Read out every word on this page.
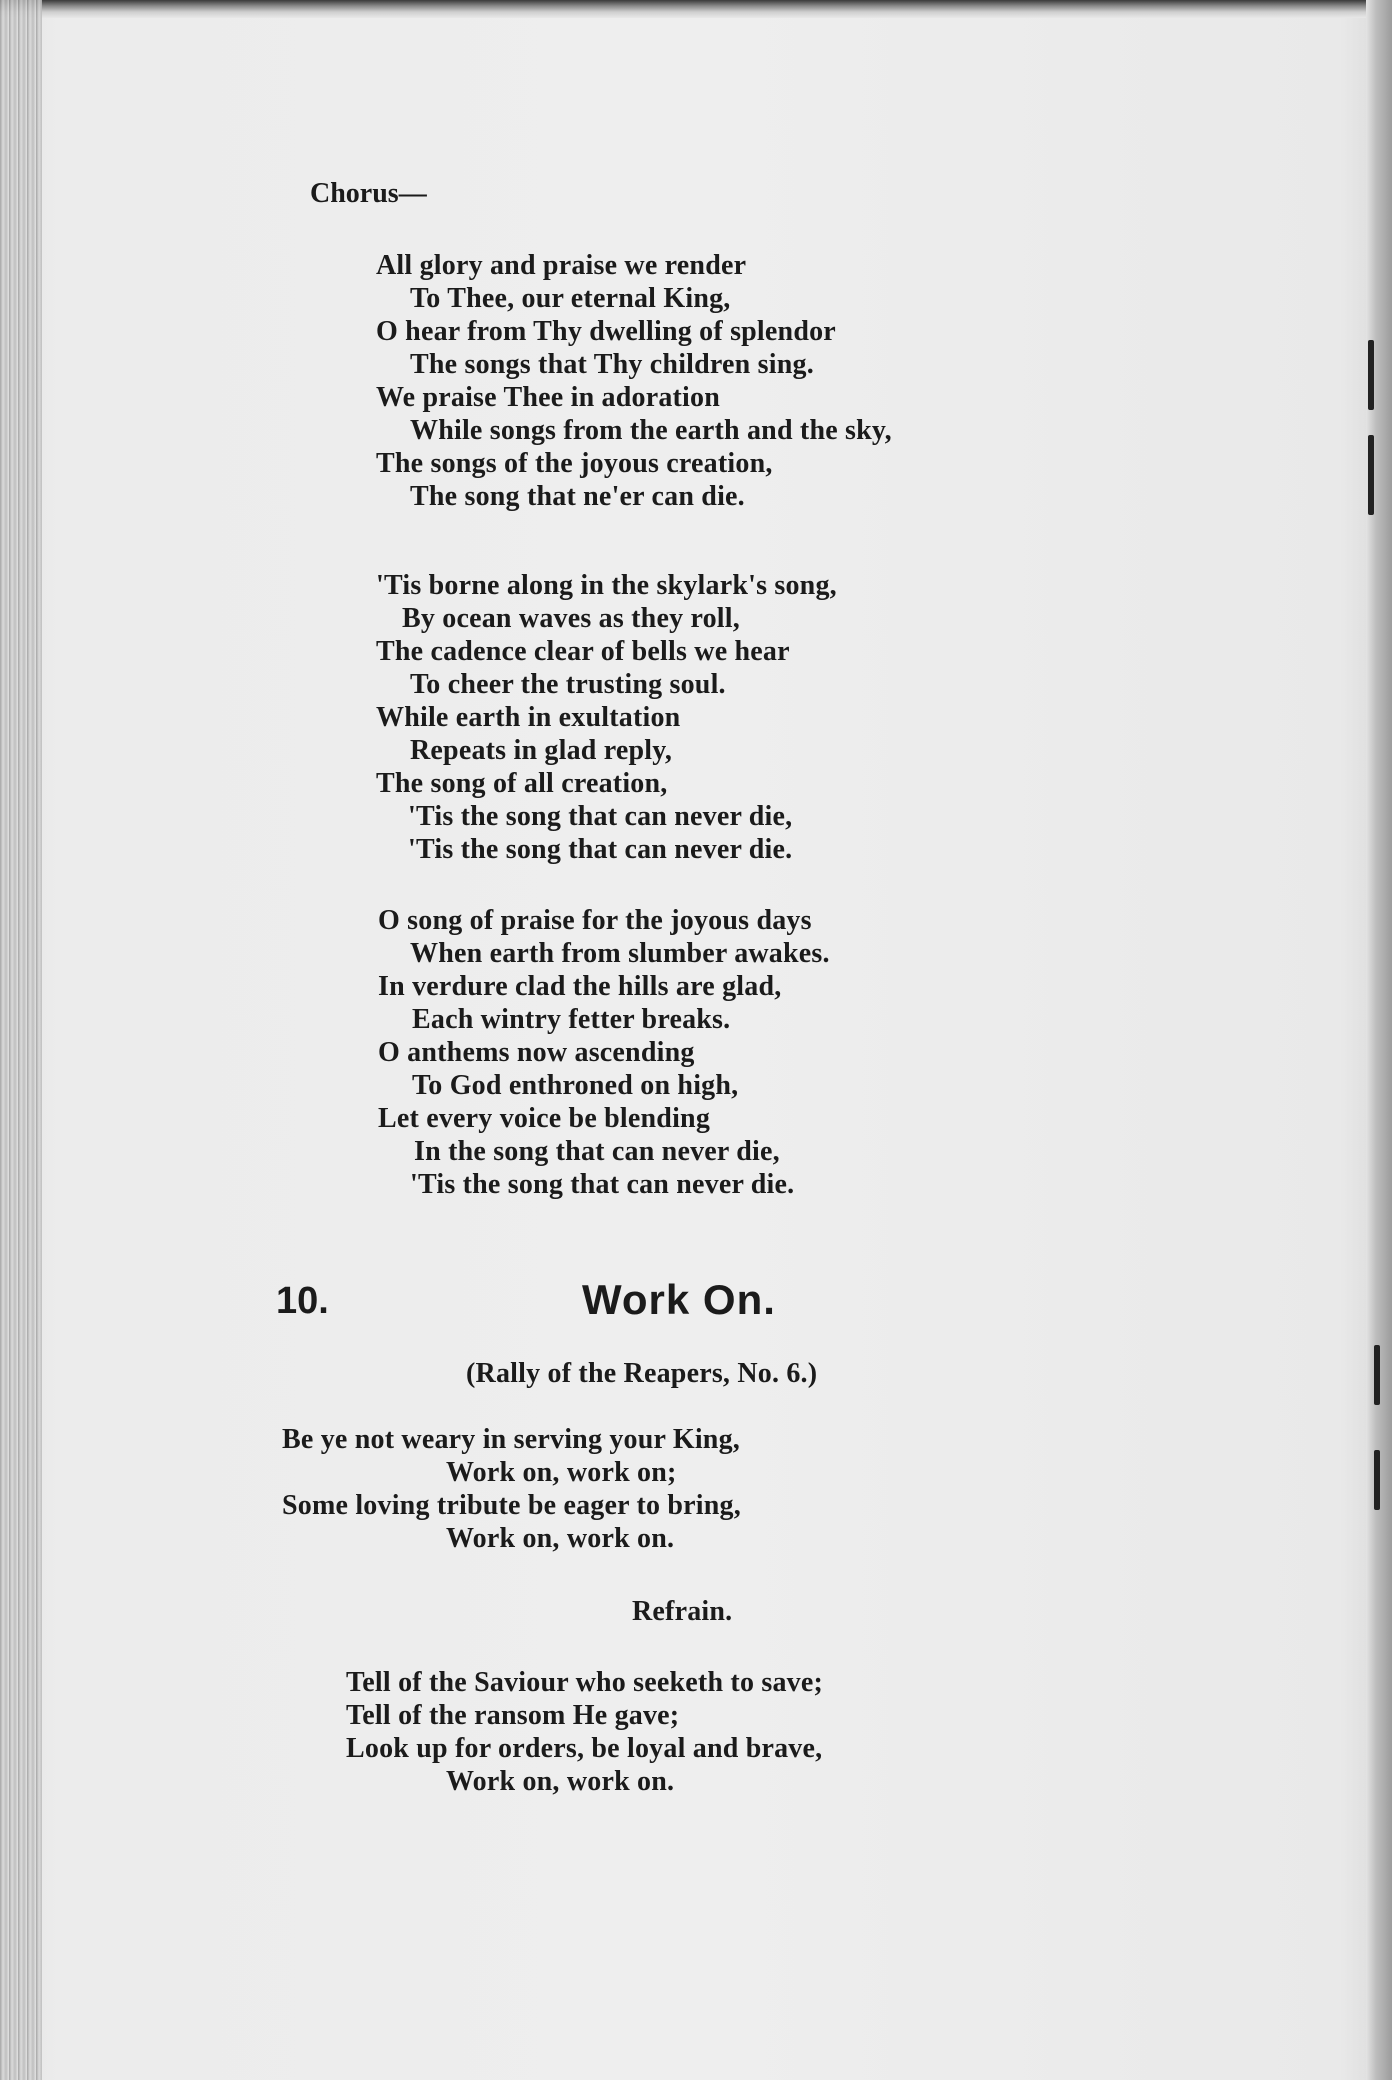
Chorus—
All glory and praise we render
To Thee, our eternal King,
O hear from Thy dwelling of splendor
The songs that Thy children sing.
We praise Thee in adoration
While songs from the earth and the sky,
The songs of the joyous creation,
The song that ne'er can die.
'Tis borne along in the skylark's song,
By ocean waves as they roll,
The cadence clear of bells we hear
To cheer the trusting soul.
While earth in exultation
Repeats in glad reply,
The song of all creation,
'Tis the song that can never die,
'Tis the song that can never die.
O song of praise for the joyous days
When earth from slumber awakes.
In verdure clad the hills are glad,
Each wintry fetter breaks.
O anthems now ascending
To God enthroned on high,
Let every voice be blending
In the song that can never die,
'Tis the song that can never die.
10.	Work On.
(Rally of the Reapers, No. 6.)
Be ye not weary in serving your King,
Work on, work on;
Some loving tribute be eager to bring,
Work on, work on.
Refrain.
Tell of the Saviour who seeketh to save;
Tell of the ransom He gave;
Look up for orders, be loyal and brave,
Work on, work on.
